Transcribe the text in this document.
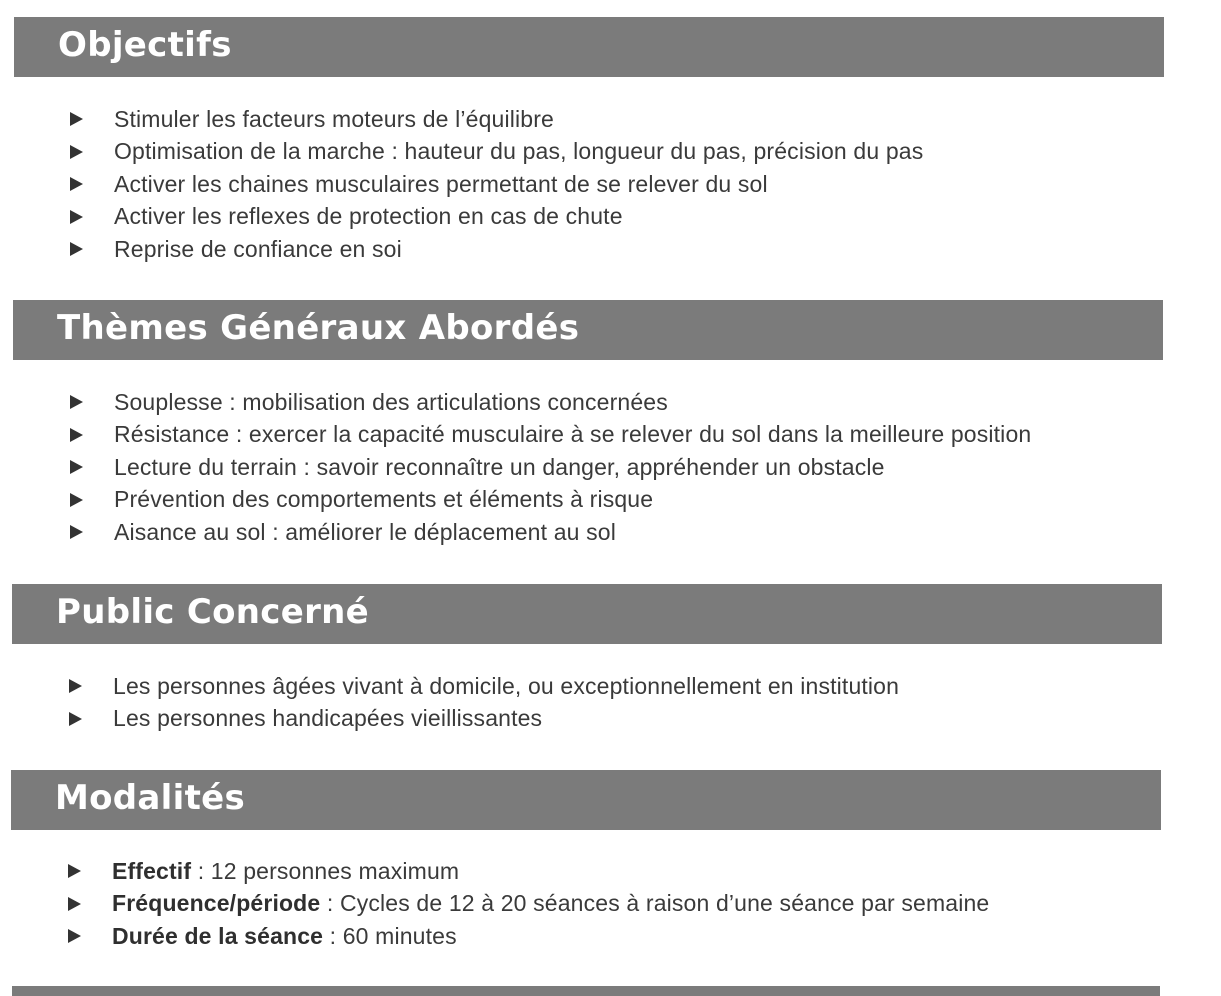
Objectifs
Stimuler les facteurs moteurs de l’équilibre
Optimisation de la marche : hauteur du pas, longueur du pas, précision du pas
Activer les chaines musculaires permettant de se relever du sol
Activer les reflexes de protection en cas de chute
Reprise de confiance en soi
Thèmes Généraux Abordés
Souplesse : mobilisation des articulations concernées
Résistance : exercer la capacité musculaire à se relever du sol dans la meilleure position
Lecture du terrain : savoir reconnaître un danger, appréhender un obstacle
Prévention des comportements et éléments à risque
Aisance au sol : améliorer le déplacement au sol
Public Concerné
Les personnes âgées vivant à domicile, ou exceptionnellement en institution
Les personnes handicapées vieillissantes
Modalités
Effectif : 12 personnes maximum
Fréquence/période : Cycles de 12 à 20 séances à raison d’une séance par semaine
Durée de la séance : 60 minutes
